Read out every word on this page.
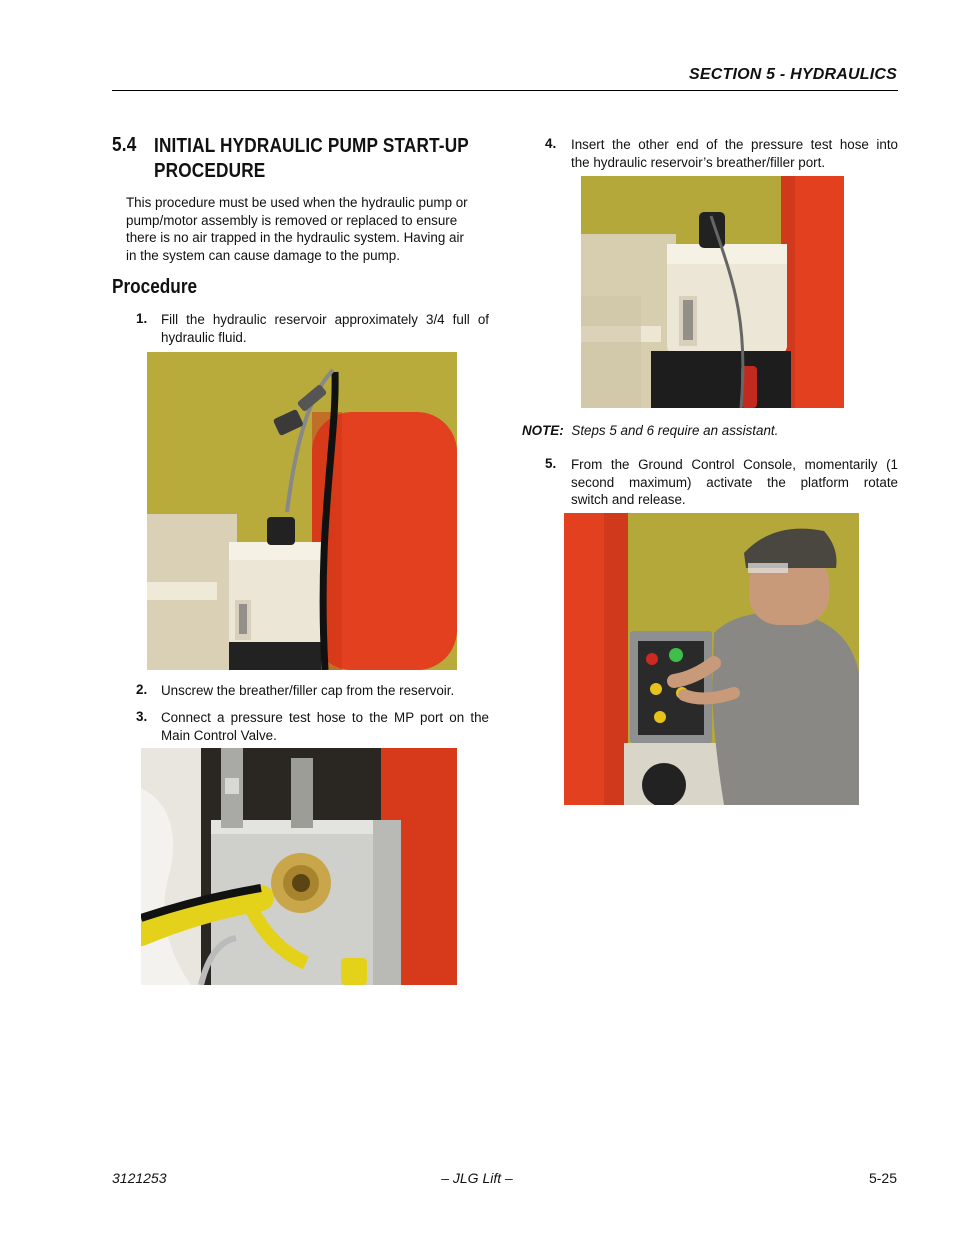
SECTION 5 - HYDRAULICS
5.4 INITIAL HYDRAULIC PUMP START-UP
PROCEDURE
This procedure must be used when the hydraulic pump or
pump/motor assembly is removed or replaced to ensure
there is no air trapped in the hydraulic system. Having air
in the system can cause damage to the pump.
Procedure
1. Fill the hydraulic reservoir approximately 3/4 full of
hydraulic fluid.
2. Unscrew the breather/filler cap from the reservoir.
3. Connect a pressure test hose to the MP port on the
Main Control Valve.
4. Insert the other end of the pressure test hose into
the hydraulic reservoir’s breather/filler port.
NOTE: Steps 5 and 6 require an assistant.
5. From the Ground Control Console, momentarily (1
second maximum) activate the platform rotate
switch and release.
3121253	– JLG Lift –	5-25
